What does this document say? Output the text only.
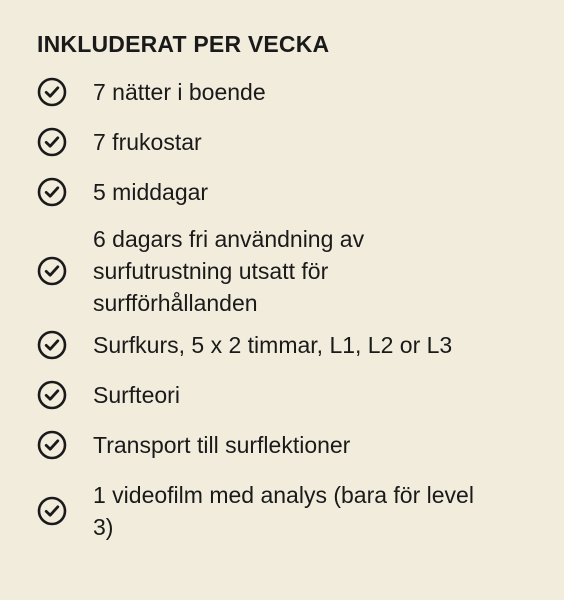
INKLUDERAT PER VECKA
7 nätter i boende
7 frukostar
5 middagar
6 dagars fri användning av surfutrustning utsatt för surfförhållanden
Surfkurs, 5 x 2 timmar, L1, L2 or L3
Surfteori
Transport till surflektioner
1 videofilm med analys (bara för level 3)
